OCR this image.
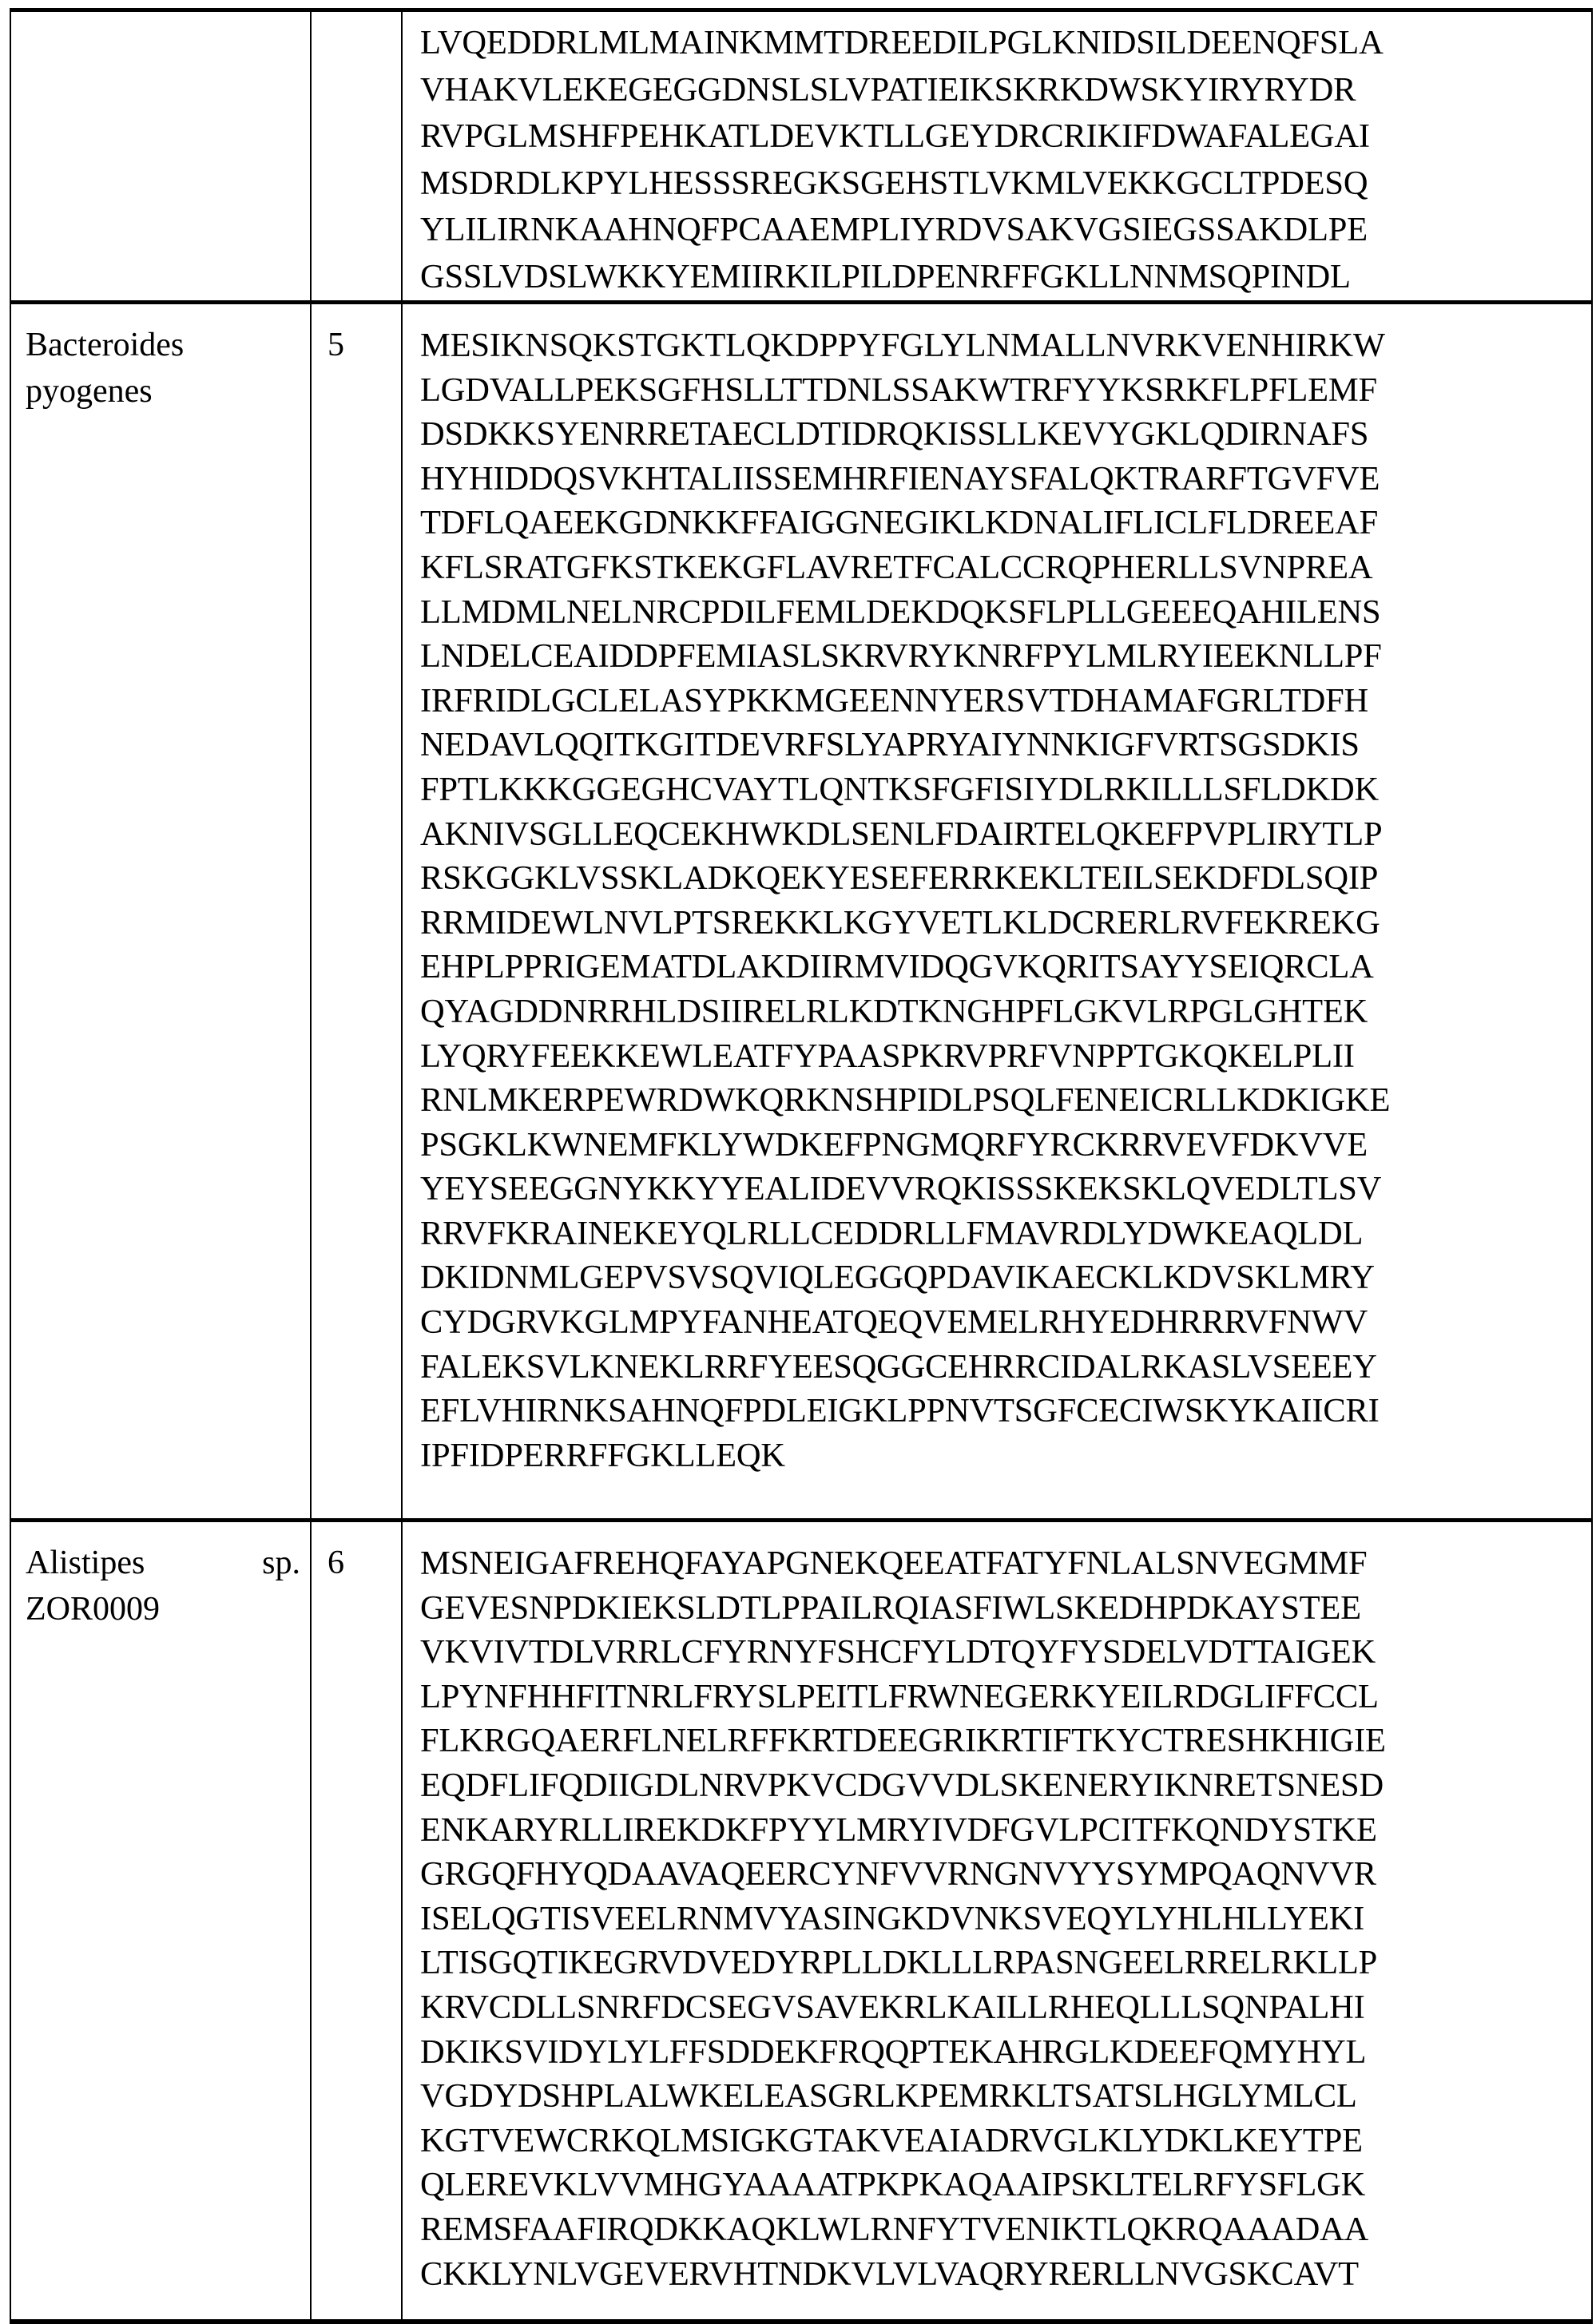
LVQEDDRLMLMAINKMMTDREEDILPGLKNIDSILDEENQFSLA
VHAKVLEKEGEGGDNSLSLVPATIEIKSKRKDWSKYIRYRYDR
RVPGLMSHFPEHKATLDEVKTLLGEYDRCRIKIFDWAFALEGAI
MSDRDLKPYLHESSSREGKSGEHSTLVKMLVEKKGCLTPDESQ
YLILIRNKAAHNQFPCAAEMPLIYRDVSAKVGSIEGSSAKDLPE
GSSLVDSLWKKYEMIIRKILPILDPENRFFGKLLNNMSQPINDL

Bacteroides pyogenes	5	MESIKNSQKSTGKTLQKDPPYFGLYLNMALLNVRKVENHIRKW
LGDVALLPEKSGFHSLLTTDNLSSAKWTRFYYKSRKFLPFLEMF
DSDKKSYENRRETAECLDTIDRQKISSLLKEVYGKLQDIRNAFS
HYHIDDQSVKHTALIISSEMHRFIENAYSFALQKTRARFTGVFVE
TDFLQAEEKGDNKKFFAIGGNEGIKLKDNALIFLICLFLDREEAF
KFLSRATGFKSTKEKGFLAVRETFCALCCRQPHERLLSVNPREA
LLMDMLNELNRCPDILFEMLDEKDQKSFLPLLGEEEQAHILENS
LNDELCEAIDDPFEMIASLSKRVRYKNRFPYLMLRYIEEKNLLPF
IRFRIDLGCLELASYPKKMGEENNYERSVTDHAMAFGRLTDFH
NEDAVLQQITKGITDEVRFSLYAPRYAIYNNKIGFVRTSGSDKIS
FPTLKKKGGEGHCVAYTLQNTKSFGFISIYDLRKILLLSFLDKDK
AKNIVSGLLEQCEKHWKDLSENLFDAIRTELQKEFPVPLIRYTLP
RSKGGKLVSSKLADKQEKYESEFERRKEKLTEILSEKDFDLSQIP
RRMIDEWLNVLPTSREKKLKGYVETLKLDCRERLRVFEKREKG
EHPLPPRIGEMATDLAKDIIRMVIDQGVKQRITSAYYSEIQRCLA
QYAGDDNRRHLDSIIRELRLKDTKNGHPFLGKVLRPGLGHTEK
LYQRYFEEKKEWLEATFYPAASPKRVPRFVNPPTGKQKELPLII
RNLMKERPEWRDWKQRKNSHPIDLPSQLFENEICRLLKDKIGKE
PSGKLKWNEMFKLYWDKEFPNGMQRFYRCKRRVEVFDKVVE
YEYSEEGGNYKKYYEALIDEVVRQKISSSKEKSKLQVEDLTLSV
RRVFKRAINEKEYQLRLLCEDDRLLFMAVRDLYDWKEAQLDL
DKIDNMLGEPVSVSQVIQLEGGQPDAVIKAECKLKDVSKLMRY
CYDGRVKGLMPYFANHEATQEQVEMELRHYEDHRRRVFNWV
FALEKSVLKNEKLRRFYEESQGGCEHRRCIDALRKASLVSEEEY
EFLVHIRNKSAHNQFPDLEIGKLPPNVTSGFCECIWSKYKAIICRI
IPFIDPERRFFGKLLEQK

Alistipes sp. ZOR0009	6	MSNEIGAFREHQFAYAPGNEKQEEATFATYFNLALSNVEGMMF
GEVESNPDKIEKSLDTLPPAILRQIASFIWLSKEDHPDKAYSTEE
VKVIVTDLVRRLCFYRNYFSHCFYLDTQYFYSDELVDTTAIGEK
LPYNFHHFITNRLFRYSLPEITLFRWNEGERKYEILRDGLIFFCCL
FLKRGQAERFLNELRFFKRTDEEGRIKRTIFTKYCTRESHKHIGIE
EQDFLIFQDIIGDLNRVPKVCDGVVDLSKENERYIKNRETSNESD
ENKARYRLLIREKDKFPYYLMRYIVDFGVLPCITFKQNDYSTKE
GRGQFHYQDAAVAQEERCYNFVVRNGNVYYSYMPQAQNVVR
ISELQGTISVEELRNMVYASINGKDVNKSVEQYLYHLHLLYEKI
LTISGQTIKEGRVDVEDYRPLLDKLLLRPASNGEELRRELRKLLP
KRVCDLLSNRFDCSEGVSAVEKRLKAILLRHEQLLLSQNPALHI
DKIKSVIDYLYLFFSDDEKFRQQPTEKAHRGLKDEEFQMYHYL
VGDYDSHPLALWKELEASGRLKPEMRKLTSATSLHGLYMLCL
KGTVEWCRKQLMSIGKGTAKVEAIADRVGLKLYDKLKEYTPE
QLEREVKLVVMHGYAAAATPKPKAQAAIPSKLTELRFYSFLGK
REMSFAAFIRQDKKAQKLWLRNFYTVENIKTLQKRQAAADAA
CKKLYNLVGEVERVHTNDKVLVLVAQRYRERLLNVGSKCAVT
